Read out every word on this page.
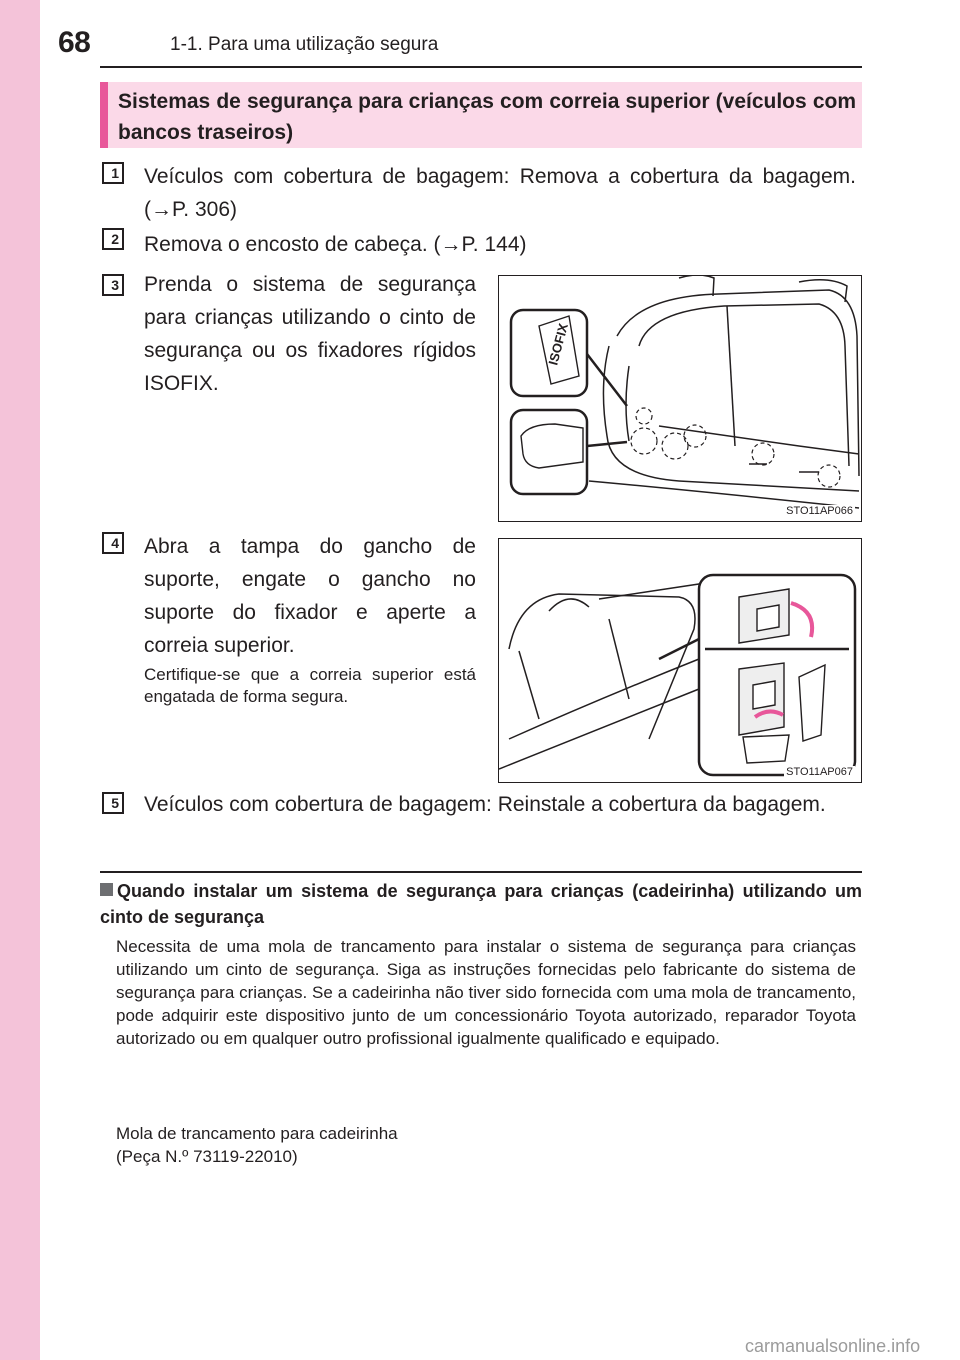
68	1-1. Para uma utilização segura
Sistemas de segurança para crianças com correia superior (veículos com bancos traseiros)
1 Veículos com cobertura de bagagem: Remova a cobertura da bagagem. (→P. 306)
2 Remova o encosto de cabeça. (→P. 144)
3 Prenda o sistema de segurança para crianças utilizando o cinto de segurança ou os fixadores rígidos ISOFIX.
ISOFIX
STO11AP066
4 Abra a tampa do gancho de suporte, engate o gancho no suporte do fixador e aperte a correia superior.
Certifique-se que a correia superior está engatada de forma segura.
STO11AP067
5 Veículos com cobertura de bagagem: Reinstale a cobertura da bagagem.
Quando instalar um sistema de segurança para crianças (cadeirinha) utilizando um cinto de segurança
Necessita de uma mola de trancamento para instalar o sistema de segurança para crianças utilizando um cinto de segurança. Siga as instruções fornecidas pelo fabricante do sistema de segurança para crianças. Se a cadeirinha não tiver sido fornecida com uma mola de trancamento, pode adquirir este dispositivo junto de um concessionário Toyota autorizado, reparador Toyota autorizado ou em qualquer outro profissional igualmente qualificado e equipado.
Mola de trancamento para cadeirinha
(Peça N.º 73119-22010)
carmanualsonline.info
